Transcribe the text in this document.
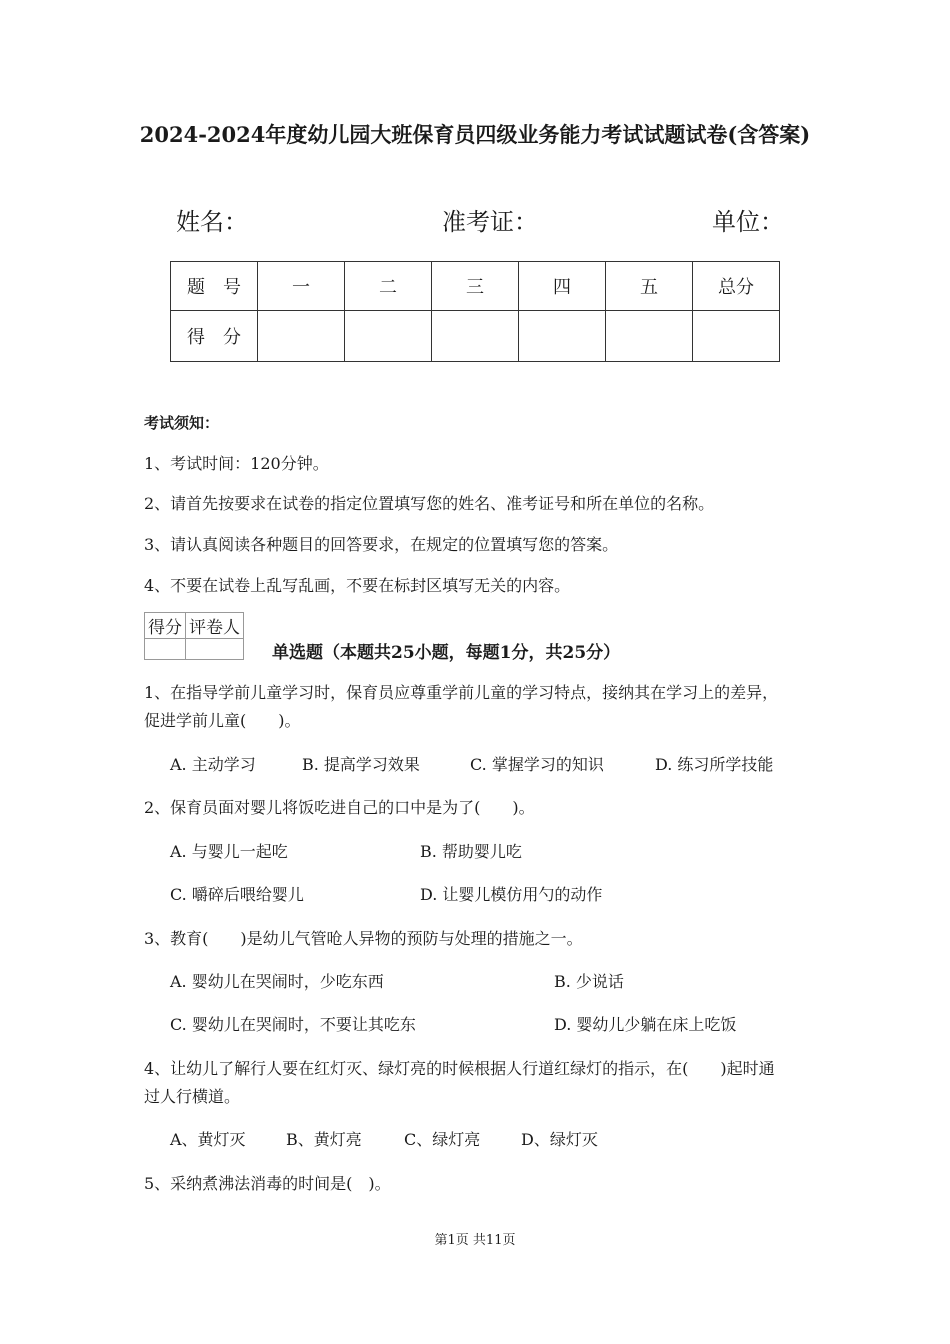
2024-2024年度幼儿园大班保育员四级业务能力考试试题试卷(含答案)
姓名：	准考证：	单位：
题　号	一	二	三	四	五	总分
得　分						
考试须知：
1、考试时间：120分钟。
2、请首先按要求在试卷的指定位置填写您的姓名、准考证号和所在单位的名称。
3、请认真阅读各种题目的回答要求，在规定的位置填写您的答案。
4、不要在试卷上乱写乱画，不要在标封区填写无关的内容。
得分	评卷人

单选题（本题共25小题，每题1分，共25分）
1、在指导学前儿童学习时，保育员应尊重学前儿童的学习特点，接纳其在学习上的差异，
促进学前儿童(　　)。
A. 主动学习	B. 提高学习效果	C. 掌握学习的知识	D. 练习所学技能
2、保育员面对婴儿将饭吃进自己的口中是为了(　　)。
A. 与婴儿一起吃	B. 帮助婴儿吃
C. 嚼碎后喂给婴儿	D. 让婴儿模仿用勺的动作
3、教育(　　)是幼儿气管呛人异物的预防与处理的措施之一。
A. 婴幼儿在哭闹时，少吃东西	B. 少说话
C. 婴幼儿在哭闹时，不要让其吃东	D. 婴幼儿少躺在床上吃饭
4、让幼儿了解行人要在红灯灭、绿灯亮的时候根据人行道红绿灯的指示，在(　　)起时通
过人行横道。
A、黄灯灭	B、黄灯亮	C、绿灯亮	D、绿灯灭
5、采纳煮沸法消毒的时间是(　)。
第1页 共11页
